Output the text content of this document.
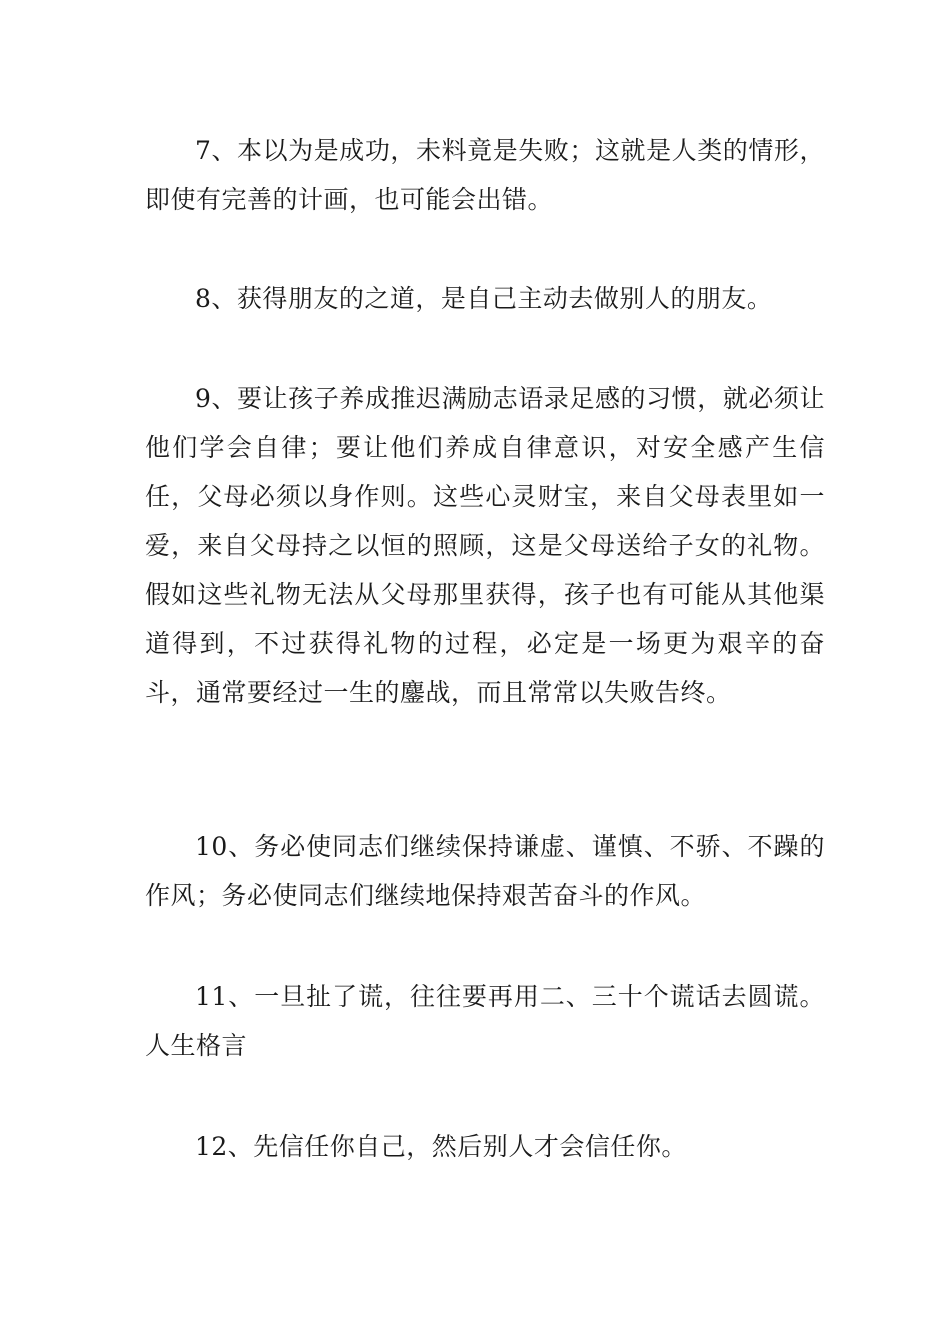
7、本以为是成功，未料竟是失败；这就是人类的情形，即使有完善的计画，也可能会出错。

8、获得朋友的之道，是自己主动去做别人的朋友。

9、要让孩子养成推迟满励志语录足感的习惯，就必须让他们学会自律；要让他们养成自律意识，对安全感产生信任，父母必须以身作则。这些心灵财宝，来自父母表里如一爱，来自父母持之以恒的照顾，这是父母送给子女的礼物。假如这些礼物无法从父母那里获得，孩子也有可能从其他渠道得到，不过获得礼物的过程，必定是一场更为艰辛的奋斗，通常要经过一生的鏖战，而且常常以失败告终。

10、务必使同志们继续保持谦虚、谨慎、不骄、不躁的作风；务必使同志们继续地保持艰苦奋斗的作风。

11、一旦扯了谎，往往要再用二、三十个谎话去圆谎。人生格言

12、先信任你自己，然后别人才会信任你。
